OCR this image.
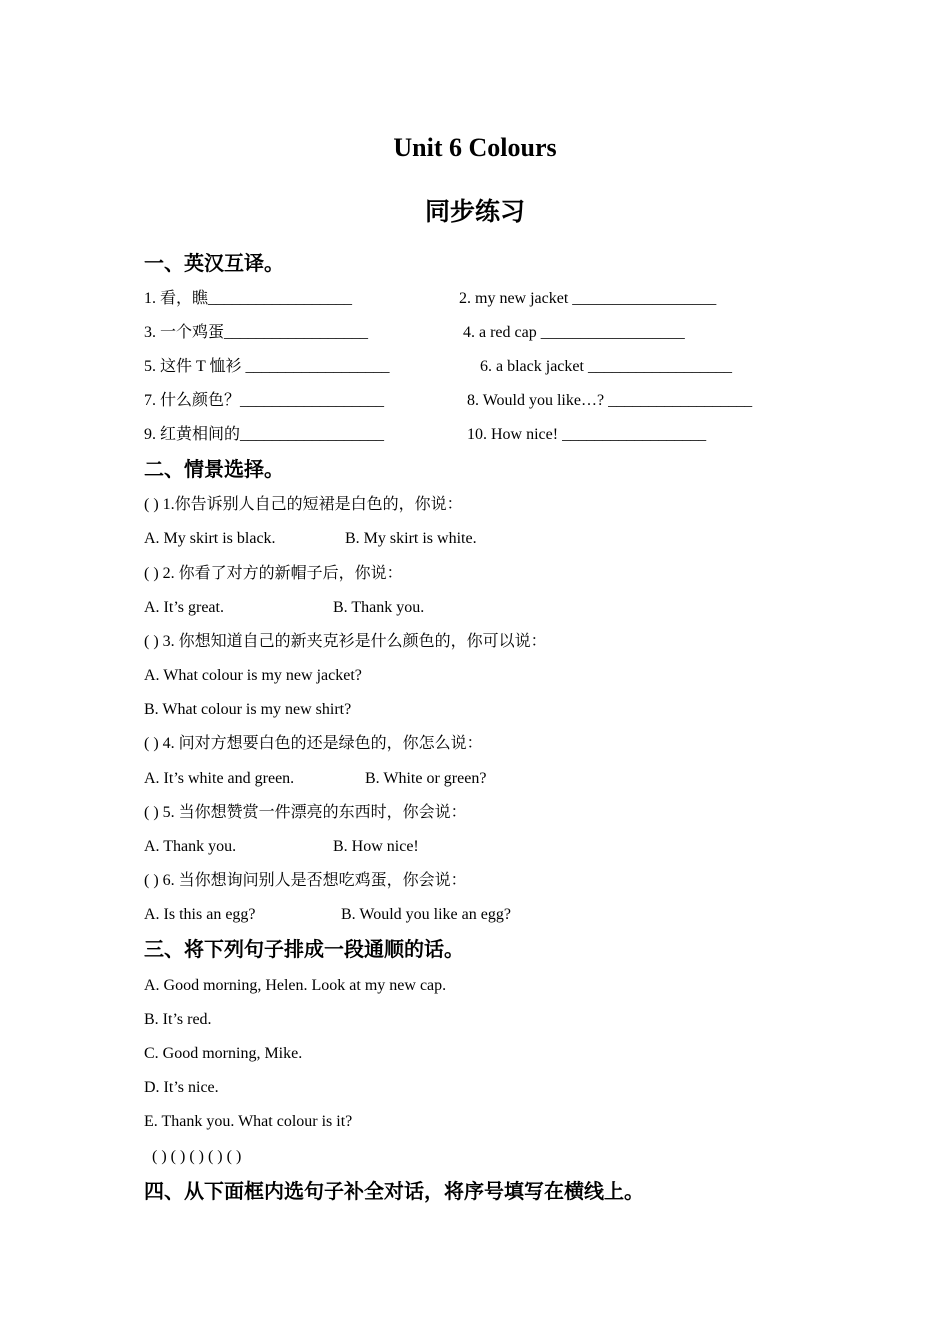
Unit 6 Colours
同步练习
一、英汉互译。
1. 看，瞧__________________	2. my new jacket __________________
3. 一个鸡蛋__________________	4. a red cap __________________
5. 这件 T 恤衫 __________________	6. a black jacket __________________
7. 什么颜色？__________________	8. Would you like…? __________________
9. 红黄相间的__________________	10. How nice! __________________
二、情景选择。
( ) 1.你告诉别人自己的短裙是白色的，你说：
A. My skirt is black.	B. My skirt is white.
( ) 2. 你看了对方的新帽子后，你说：
A. It’s great.	B. Thank you.
( ) 3. 你想知道自己的新夹克衫是什么颜色的，你可以说：
A. What colour is my new jacket?
B. What colour is my new shirt?
( ) 4. 问对方想要白色的还是绿色的，你怎么说：
A. It’s white and green.	B. White or green?
( ) 5. 当你想赞赏一件漂亮的东西时，你会说：
A. Thank you.	B. How nice!
( ) 6. 当你想询问别人是否想吃鸡蛋，你会说：
A. Is this an egg?	B. Would you like an egg?
三、将下列句子排成一段通顺的话。
A. Good morning, Helen. Look at my new cap.
B. It’s red.
C. Good morning, Mike.
D. It’s nice.
E. Thank you. What colour is it?
( ) ( ) ( ) ( ) ( )
四、从下面框内选句子补全对话，将序号填写在横线上。
